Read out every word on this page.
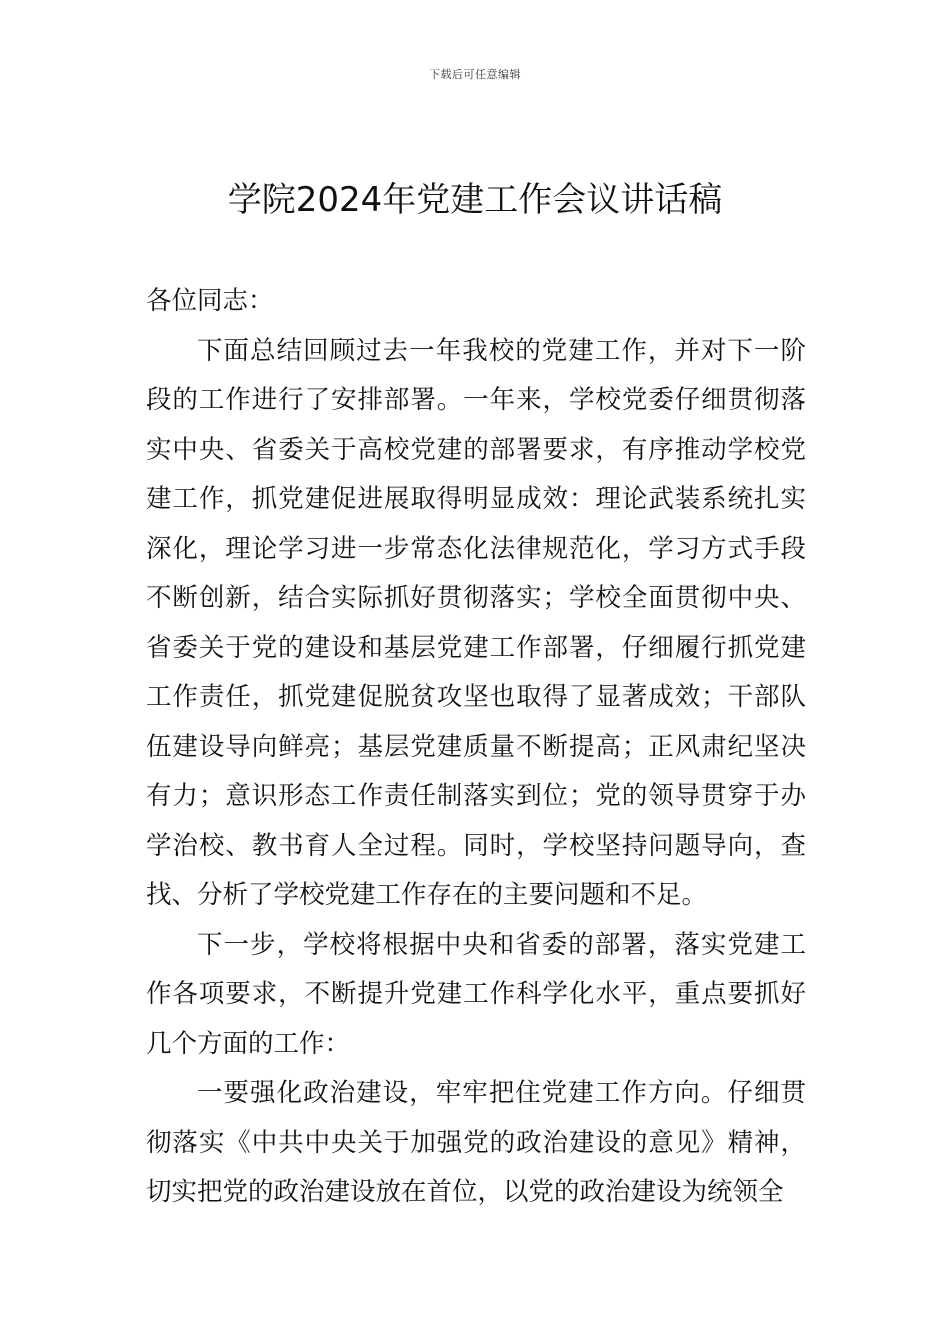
下载后可任意编辑
学院2024年党建工作会议讲话稿

各位同志：

下面总结回顾过去一年我校的党建工作，并对下一阶段的工作进行了安排部署。一年来，学校党委仔细贯彻落实中央、省委关于高校党建的部署要求，有序推动学校党建工作，抓党建促进展取得明显成效：理论武装系统扎实深化，理论学习进一步常态化法律规范化，学习方式手段不断创新，结合实际抓好贯彻落实；学校全面贯彻中央、省委关于党的建设和基层党建工作部署，仔细履行抓党建工作责任，抓党建促脱贫攻坚也取得了显著成效；干部队伍建设导向鲜亮；基层党建质量不断提高；正风肃纪坚决有力；意识形态工作责任制落实到位；党的领导贯穿于办学治校、教书育人全过程。同时，学校坚持问题导向，查找、分析了学校党建工作存在的主要问题和不足。

下一步，学校将根据中央和省委的部署，落实党建工作各项要求，不断提升党建工作科学化水平，重点要抓好几个方面的工作：

一要强化政治建设，牢牢把住党建工作方向。仔细贯彻落实《中共中央关于加强党的政治建设的意见》精神，切实把党的政治建设放在首位，以党的政治建设为统领全
